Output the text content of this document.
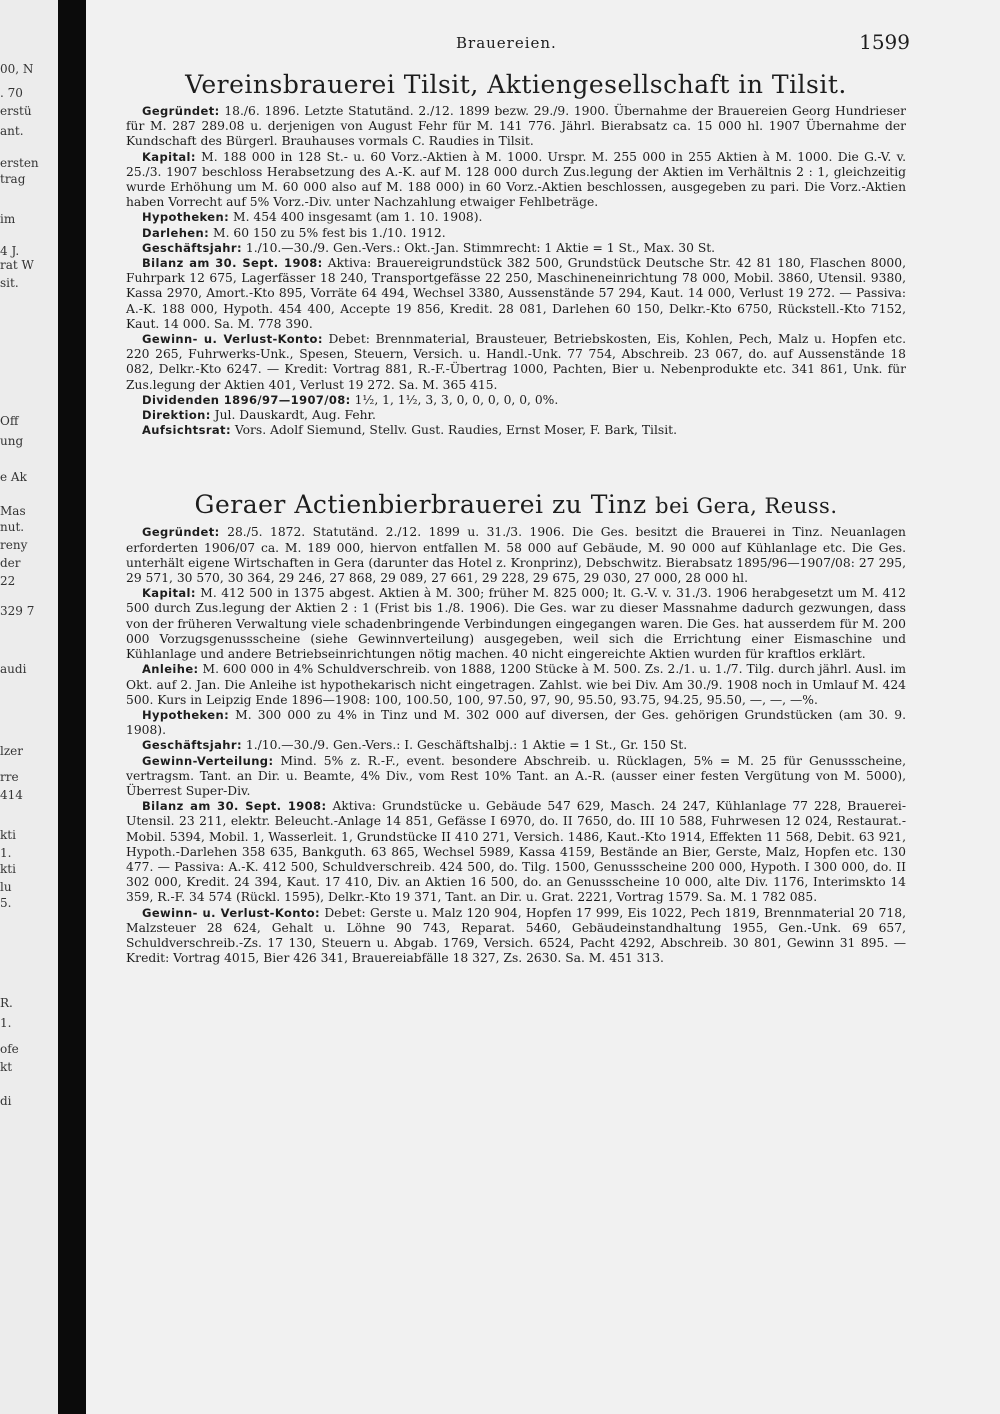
00, N
. 70
erstü
ant.
ersten
trag
im
4 J.
rat W
sit.
Off
ung
e Ak
Mas
nut.
reny
der
22
329 7
audi
lzer
rre
414
kti
1.
kti
lu
5.
R.
1.
ofe
kt
di
Brauereien.	1599
Vereinsbrauerei Tilsit, Aktiengesellschaft in Tilsit.

Gegründet: 18./6. 1896. Letzte Statutänd. 2./12. 1899 bezw. 29./9. 1900. Übernahme der Brauereien Georg Hundrieser für M. 287 289.08 u. derjenigen von August Fehr für M. 141 776. Jährl. Bierabsatz ca. 15 000 hl. 1907 Übernahme der Kundschaft des Bürgerl. Brauhauses vormals C. Raudies in Tilsit.

Kapital: M. 188 000 in 128 St.- u. 60 Vorz.-Aktien à M. 1000. Urspr. M. 255 000 in 255 Aktien à M. 1000. Die G.-V. v. 25./3. 1907 beschloss Herabsetzung des A.-K. auf M. 128 000 durch Zus.legung der Aktien im Verhältnis 2 : 1, gleichzeitig wurde Erhöhung um M. 60 000 also auf M. 188 000) in 60 Vorz.-Aktien beschlossen, ausgegeben zu pari. Die Vorz.-Aktien haben Vorrecht auf 5% Vorz.-Div. unter Nachzahlung etwaiger Fehlbeträge.

Hypotheken: M. 454 400 insgesamt (am 1. 10. 1908).

Darlehen: M. 60 150 zu 5% fest bis 1./10. 1912.

Geschäftsjahr: 1./10.—30./9. Gen.-Vers.: Okt.-Jan. Stimmrecht: 1 Aktie = 1 St., Max. 30 St.

Bilanz am 30. Sept. 1908: Aktiva: Brauereigrundstück 382 500, Grundstück Deutsche Str. 42 81 180, Flaschen 8000, Fuhrpark 12 675, Lagerfässer 18 240, Transportgefässe 22 250, Maschineneinrichtung 78 000, Mobil. 3860, Utensil. 9380, Kassa 2970, Amort.-Kto 895, Vorräte 64 494, Wechsel 3380, Aussenstände 57 294, Kaut. 14 000, Verlust 19 272. — Passiva: A.-K. 188 000, Hypoth. 454 400, Accepte 19 856, Kredit. 28 081, Darlehen 60 150, Delkr.-Kto 6750, Rückstell.-Kto 7152, Kaut. 14 000. Sa. M. 778 390.

Gewinn- u. Verlust-Konto: Debet: Brennmaterial, Brausteuer, Betriebskosten, Eis, Kohlen, Pech, Malz u. Hopfen etc. 220 265, Fuhrwerks-Unk., Spesen, Steuern, Versich. u. Handl.-Unk. 77 754, Abschreib. 23 067, do. auf Aussenstände 18 082, Delkr.-Kto 6247. — Kredit: Vortrag 881, R.-F.-Übertrag 1000, Pachten, Bier u. Nebenprodukte etc. 341 861, Unk. für Zus.legung der Aktien 401, Verlust 19 272. Sa. M. 365 415.

Dividenden 1896/97—1907/08: 1½, 1, 1½, 3, 3, 0, 0, 0, 0, 0, 0%.

Direktion: Jul. Dauskardt, Aug. Fehr.

Aufsichtsrat: Vors. Adolf Siemund, Stellv. Gust. Raudies, Ernst Moser, F. Bark, Tilsit.

Geraer Actienbierbrauerei zu Tinz bei Gera, Reuss.

Gegründet: 28./5. 1872. Statutänd. 2./12. 1899 u. 31./3. 1906. Die Ges. besitzt die Brauerei in Tinz. Neuanlagen erforderten 1906/07 ca. M. 189 000, hiervon entfallen M. 58 000 auf Gebäude, M. 90 000 auf Kühlanlage etc. Die Ges. unterhält eigene Wirtschaften in Gera (darunter das Hotel z. Kronprinz), Debschwitz. Bierabsatz 1895/96—1907/08: 27 295, 29 571, 30 570, 30 364, 29 246, 27 868, 29 089, 27 661, 29 228, 29 675, 29 030, 27 000, 28 000 hl.

Kapital: M. 412 500 in 1375 abgest. Aktien à M. 300; früher M. 825 000; lt. G.-V. v. 31./3. 1906 herabgesetzt um M. 412 500 durch Zus.legung der Aktien 2 : 1 (Frist bis 1./8. 1906). Die Ges. war zu dieser Massnahme dadurch gezwungen, dass von der früheren Verwaltung viele schadenbringende Verbindungen eingegangen waren. Die Ges. hat ausserdem für M. 200 000 Vorzugsgenussscheine (siehe Gewinnverteilung) ausgegeben, weil sich die Errichtung einer Eismaschine und Kühlanlage und andere Betriebseinrichtungen nötig machen. 40 nicht eingereichte Aktien wurden für kraftlos erklärt.

Anleihe: M. 600 000 in 4% Schuldverschreib. von 1888, 1200 Stücke à M. 500. Zs. 2./1. u. 1./7. Tilg. durch jährl. Ausl. im Okt. auf 2. Jan. Die Anleihe ist hypothekarisch nicht eingetragen. Zahlst. wie bei Div. Am 30./9. 1908 noch in Umlauf M. 424 500. Kurs in Leipzig Ende 1896—1908: 100, 100.50, 100, 97.50, 97, 90, 95.50, 93.75, 94.25, 95.50, —, —, —%.

Hypotheken: M. 300 000 zu 4% in Tinz und M. 302 000 auf diversen, der Ges. gehörigen Grundstücken (am 30. 9. 1908).

Geschäftsjahr: 1./10.—30./9. Gen.-Vers.: I. Geschäftshalbj.: 1 Aktie = 1 St., Gr. 150 St.

Gewinn-Verteilung: Mind. 5% z. R.-F., event. besondere Abschreib. u. Rücklagen, 5% = M. 25 für Genussscheine, vertragsm. Tant. an Dir. u. Beamte, 4% Div., vom Rest 10% Tant. an A.-R. (ausser einer festen Vergütung von M. 5000), Überrest Super-Div.

Bilanz am 30. Sept. 1908: Aktiva: Grundstücke u. Gebäude 547 629, Masch. 24 247, Kühlanlage 77 228, Brauerei-Utensil. 23 211, elektr. Beleucht.-Anlage 14 851, Gefässe I 6970, do. II 7650, do. III 10 588, Fuhrwesen 12 024, Restaurat.-Mobil. 5394, Mobil. 1, Wasserleit. 1, Grundstücke II 410 271, Versich. 1486, Kaut.-Kto 1914, Effekten 11 568, Debit. 63 921, Hypoth.-Darlehen 358 635, Bankguth. 63 865, Wechsel 5989, Kassa 4159, Bestände an Bier, Gerste, Malz, Hopfen etc. 130 477. — Passiva: A.-K. 412 500, Schuldverschreib. 424 500, do. Tilg. 1500, Genussscheine 200 000, Hypoth. I 300 000, do. II 302 000, Kredit. 24 394, Kaut. 17 410, Div. an Aktien 16 500, do. an Genussscheine 10 000, alte Div. 1176, Interimskto 14 359, R.-F. 34 574 (Rückl. 1595), Delkr.-Kto 19 371, Tant. an Dir. u. Grat. 2221, Vortrag 1579. Sa. M. 1 782 085.

Gewinn- u. Verlust-Konto: Debet: Gerste u. Malz 120 904, Hopfen 17 999, Eis 1022, Pech 1819, Brennmaterial 20 718, Malzsteuer 28 624, Gehalt u. Löhne 90 743, Reparat. 5460, Gebäudeinstandhaltung 1955, Gen.-Unk. 69 657, Schuldverschreib.-Zs. 17 130, Steuern u. Abgab. 1769, Versich. 6524, Pacht 4292, Abschreib. 30 801, Gewinn 31 895. — Kredit: Vortrag 4015, Bier 426 341, Brauereiabfälle 18 327, Zs. 2630. Sa. M. 451 313.
